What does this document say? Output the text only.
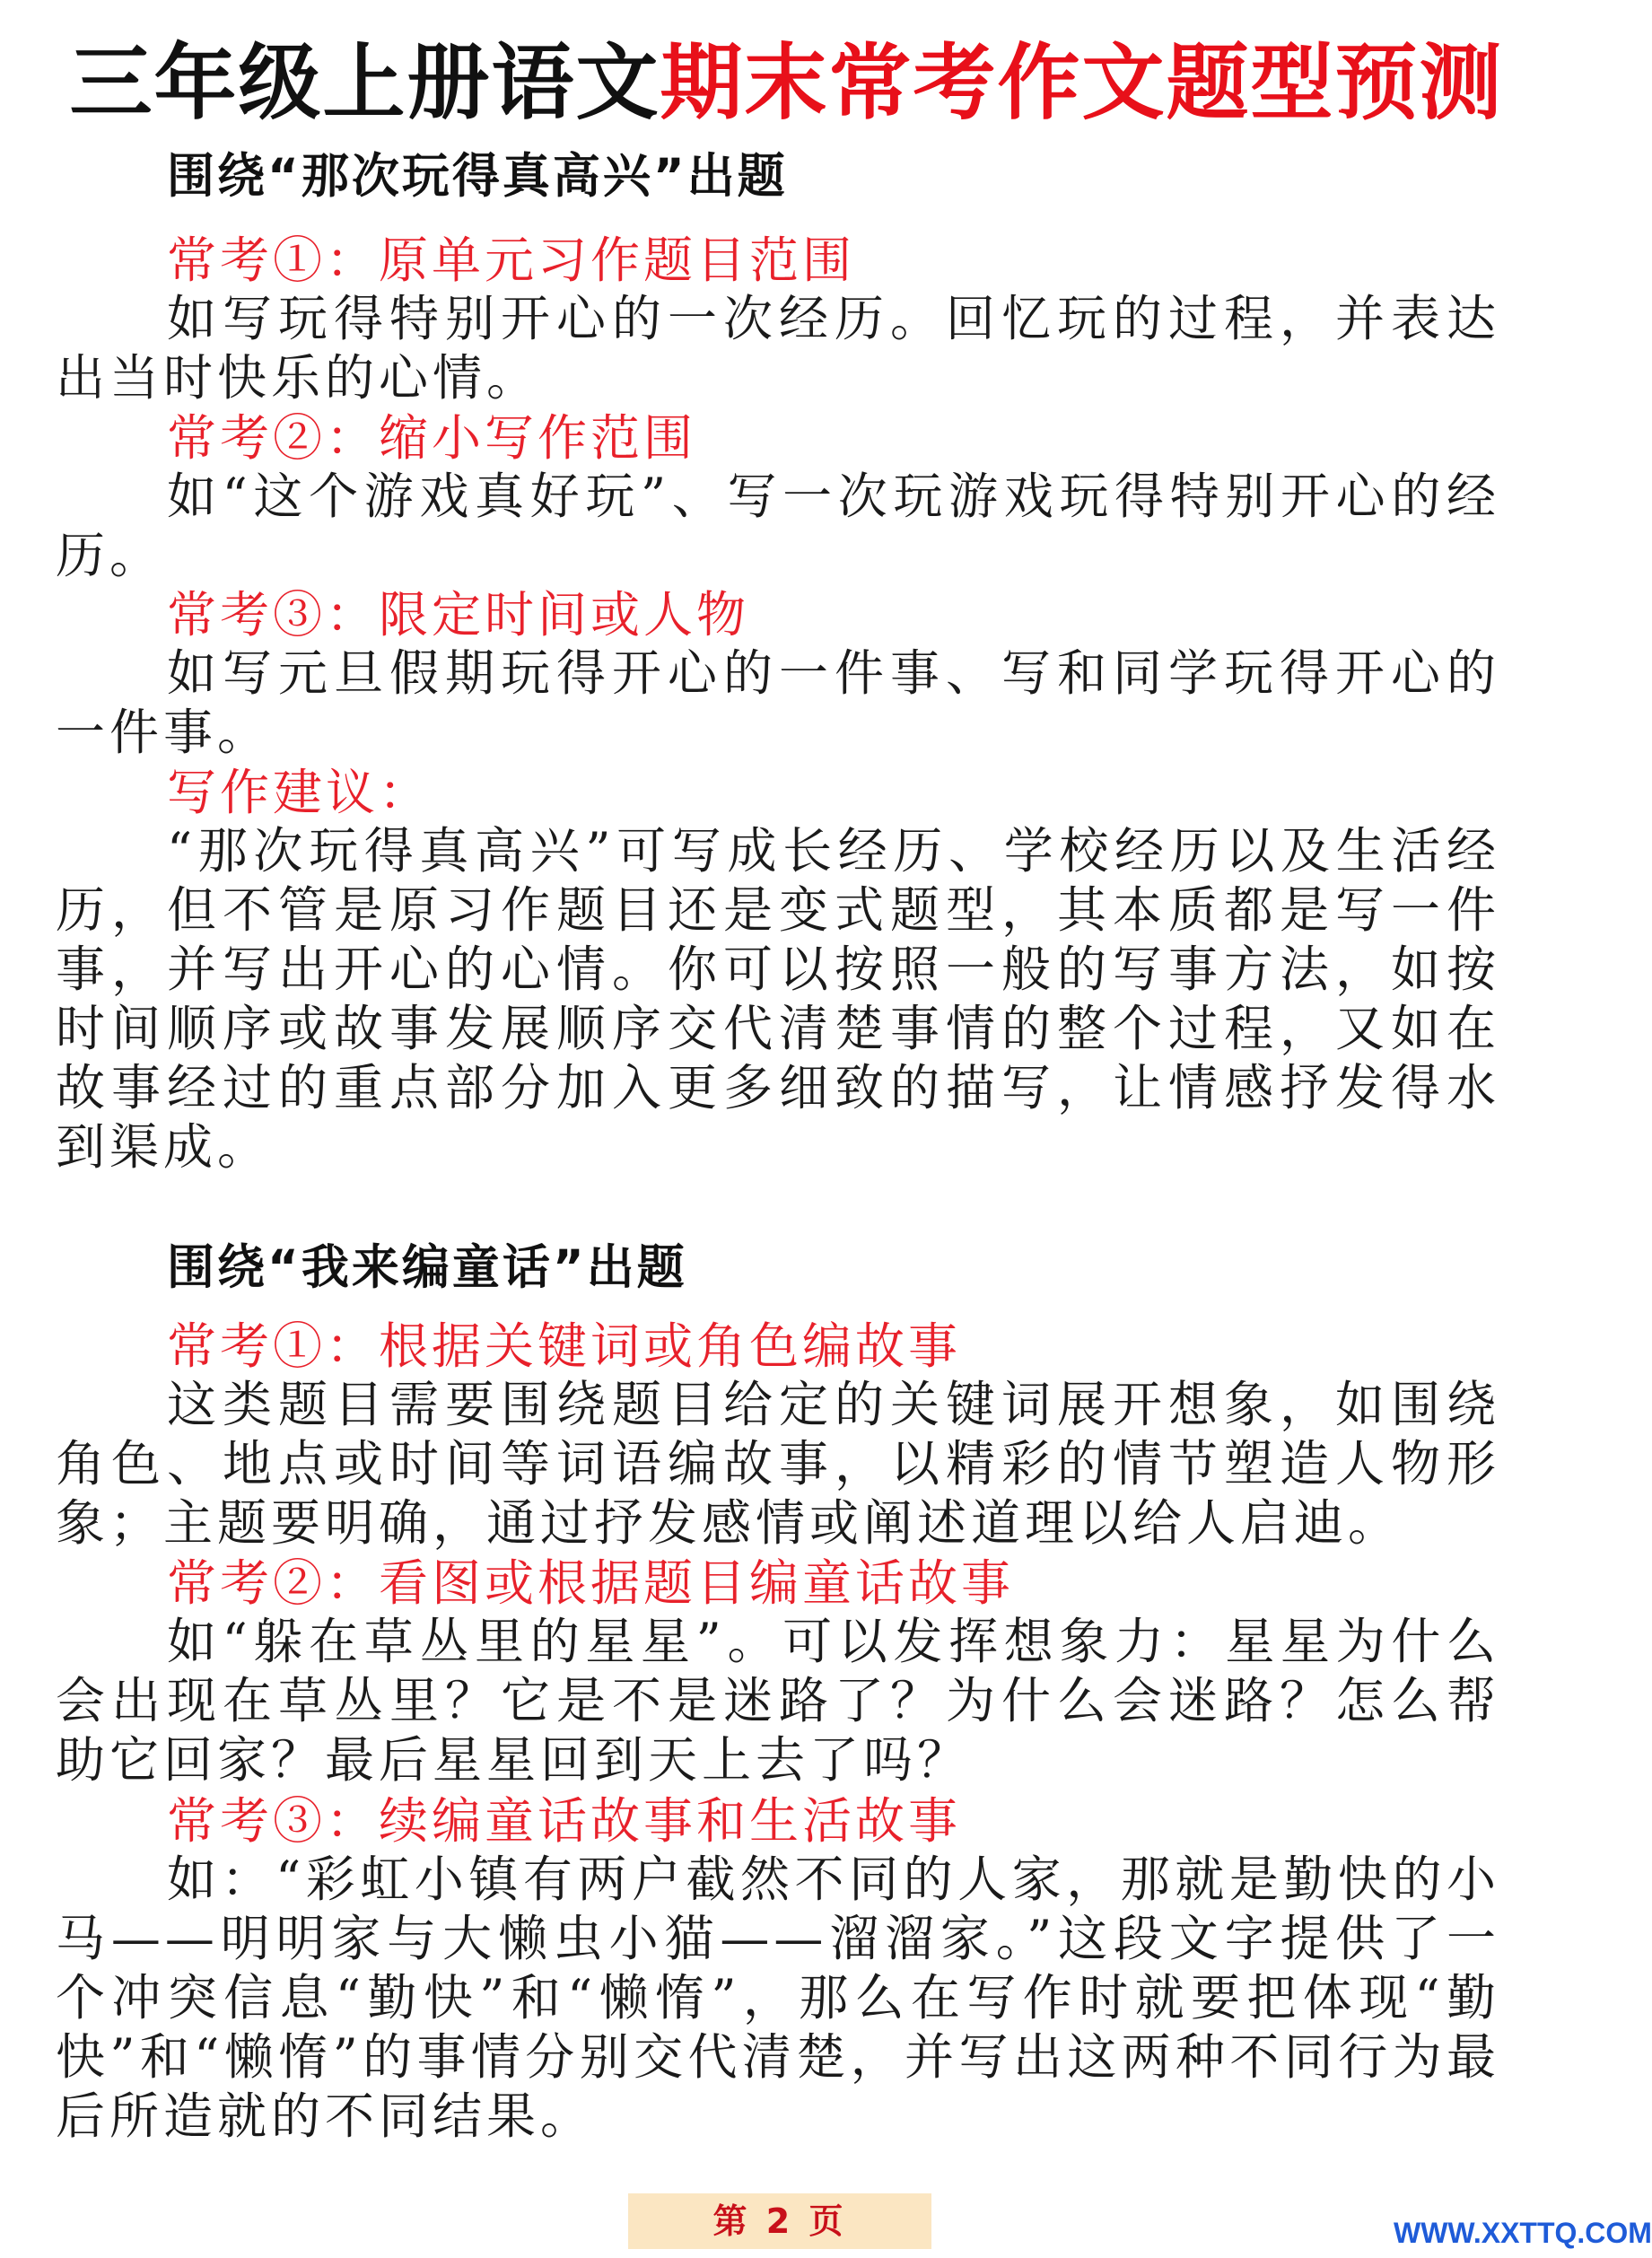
三年级上册语文期末常考作文题型预测
围绕“那次玩得真高兴”出题
常考①：原单元习作题目范围

如写玩得特别开心的一次经历。回忆玩的过程，并表达出当时快乐的心情。

常考②：缩小写作范围

如“这个游戏真好玩”、写一次玩游戏玩得特别开心的经历。

常考③：限定时间或人物

如写元旦假期玩得开心的一件事、写和同学玩得开心的一件事。

写作建议：

“那次玩得真高兴”可写成长经历、学校经历以及生活经历，但不管是原习作题目还是变式题型，其本质都是写一件事，并写出开心的心情。你可以按照一般的写事方法，如按时间顺序或故事发展顺序交代清楚事情的整个过程，又如在故事经过的重点部分加入更多细致的描写，让情感抒发得水到渠成。

围绕“我来编童话”出题
常考①：根据关键词或角色编故事

这类题目需要围绕题目给定的关键词展开想象，如围绕角色、地点或时间等词语编故事，以精彩的情节塑造人物形象；主题要明确，通过抒发感情或阐述道理以给人启迪。

常考②：看图或根据题目编童话故事

如“躲在草丛里的星星”。可以发挥想象力：星星为什么会出现在草丛里？它是不是迷路了？为什么会迷路？怎么帮助它回家？最后星星回到天上去了吗？

常考③：续编童话故事和生活故事

如：“彩虹小镇有两户截然不同的人家，那就是勤快的小马——明明家与大懒虫小猫——溜溜家。”这段文字提供了一个冲突信息“勤快”和“懒惰”，那么在写作时就要把体现“勤快”和“懒惰”的事情分别交代清楚，并写出这两种不同行为最后所造就的不同结果。

第 2 页	WWW.XXTTQ.COM
